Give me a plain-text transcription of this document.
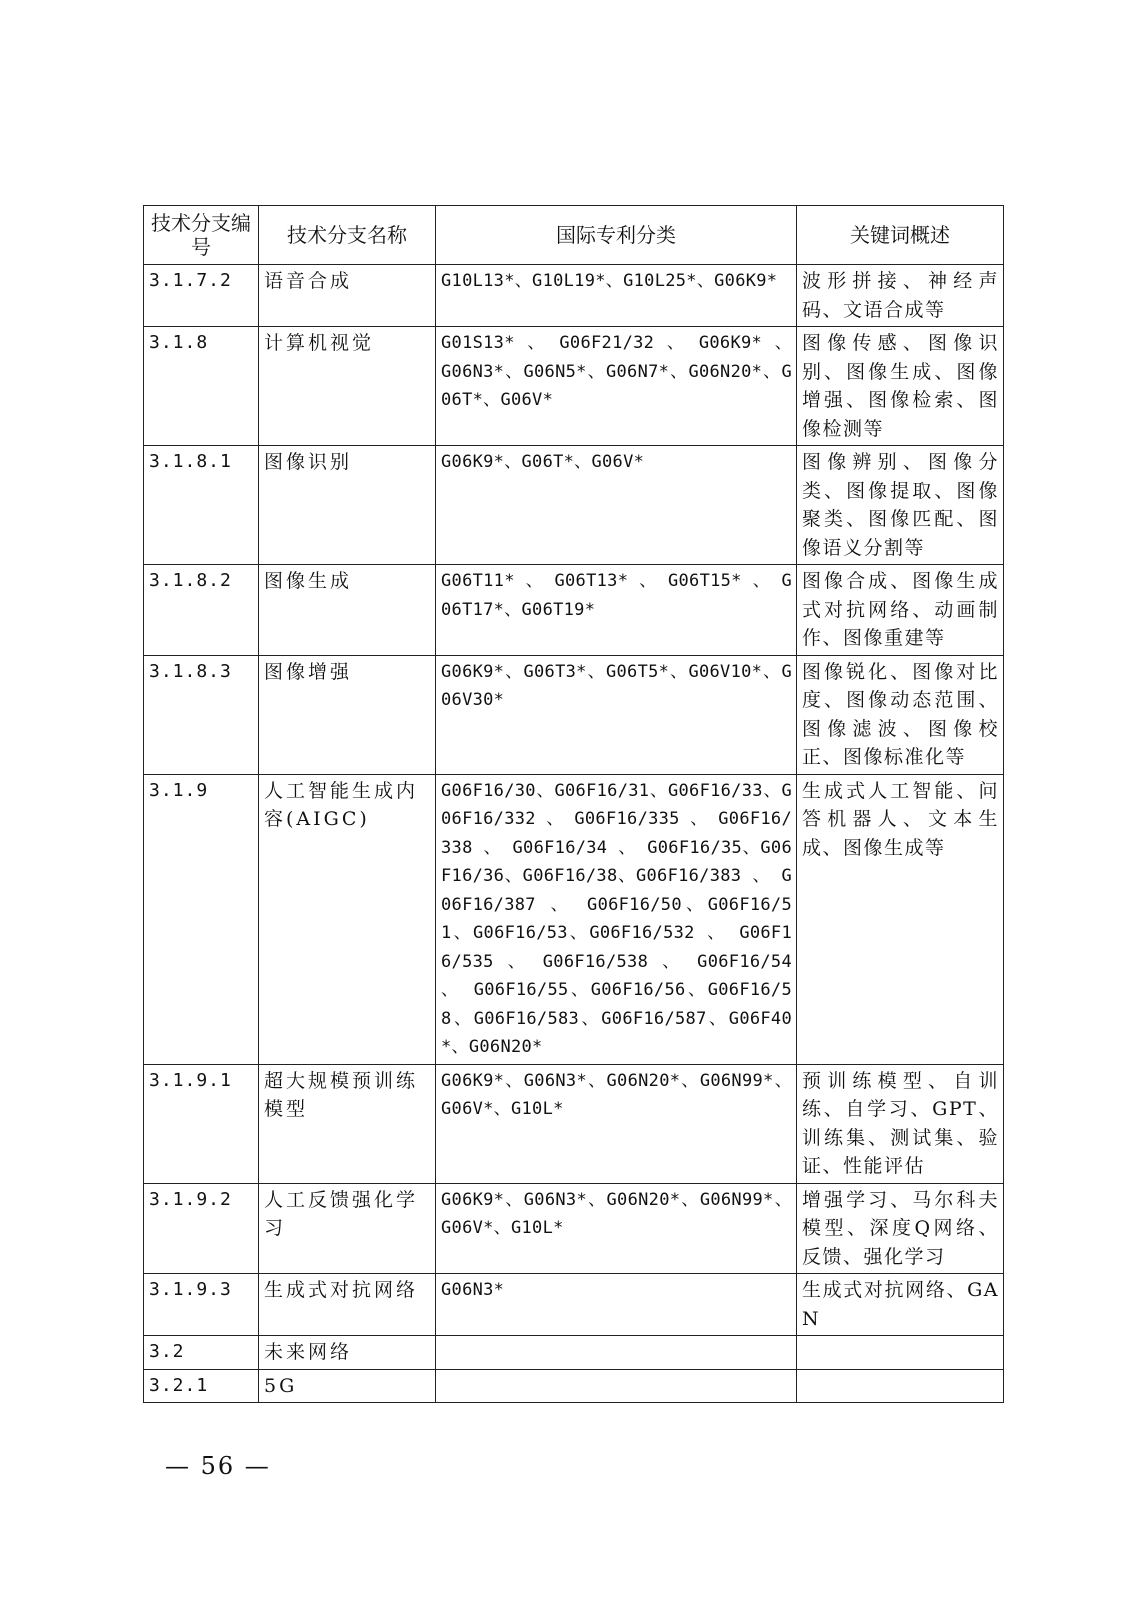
技术分支编号	技术分支名称	国际专利分类	关键词概述
3.1.7.2	语音合成	G10L13*、G10L19*、G10L25*、G06K9*	波形拼接、神经声码、文语合成等
3.1.8	计算机视觉	G01S13* 、 G06F21/32 、 G06K9* 、 G06N3*、G06N5*、G06N7*、G06N20*、G06T*、G06V*	图像传感、图像识别、图像生成、图像增强、图像检索、图像检测等
3.1.8.1	图像识别	G06K9*、G06T*、G06V*	图像辨别、图像分类、图像提取、图像聚类、图像匹配、图像语义分割等
3.1.8.2	图像生成	G06T11* 、 G06T13* 、 G06T15* 、 G06T17*、G06T19*	图像合成、图像生成式对抗网络、动画制作、图像重建等
3.1.8.3	图像增强	G06K9*、G06T3*、G06T5*、G06V10*、G06V30*	图像锐化、图像对比度、图像动态范围、图像滤波、图像校正、图像标准化等
3.1.9	人工智能生成内容(AIGC)	G06F16/30、G06F16/31、G06F16/33、G06F16/332 、 G06F16/335 、 G06F16/338 、 G06F16/34 、 G06F16/35、G06F16/36、G06F16/38、G06F16/383 、 G06F16/387 、 G06F16/50、G06F16/51、G06F16/53、G06F16/532 、 G06F16/535 、 G06F16/538 、 G06F16/54 、 G06F16/55、G06F16/56、G06F16/58、G06F16/583、G06F16/587、G06F40*、G06N20*	生成式人工智能、问答机器人、文本生成、图像生成等
3.1.9.1	超大规模预训练模型	G06K9*、G06N3*、G06N20*、G06N99*、G06V*、G10L*	预训练模型、自训练、自学习、GPT、训练集、测试集、验证、性能评估
3.1.9.2	人工反馈强化学习	G06K9*、G06N3*、G06N20*、G06N99*、G06V*、G10L*	增强学习、马尔科夫模型、深度Q网络、反馈、强化学习
3.1.9.3	生成式对抗网络	G06N3*	生成式对抗网络、GAN
3.2	未来网络		
3.2.1	5G		
— 56 —
